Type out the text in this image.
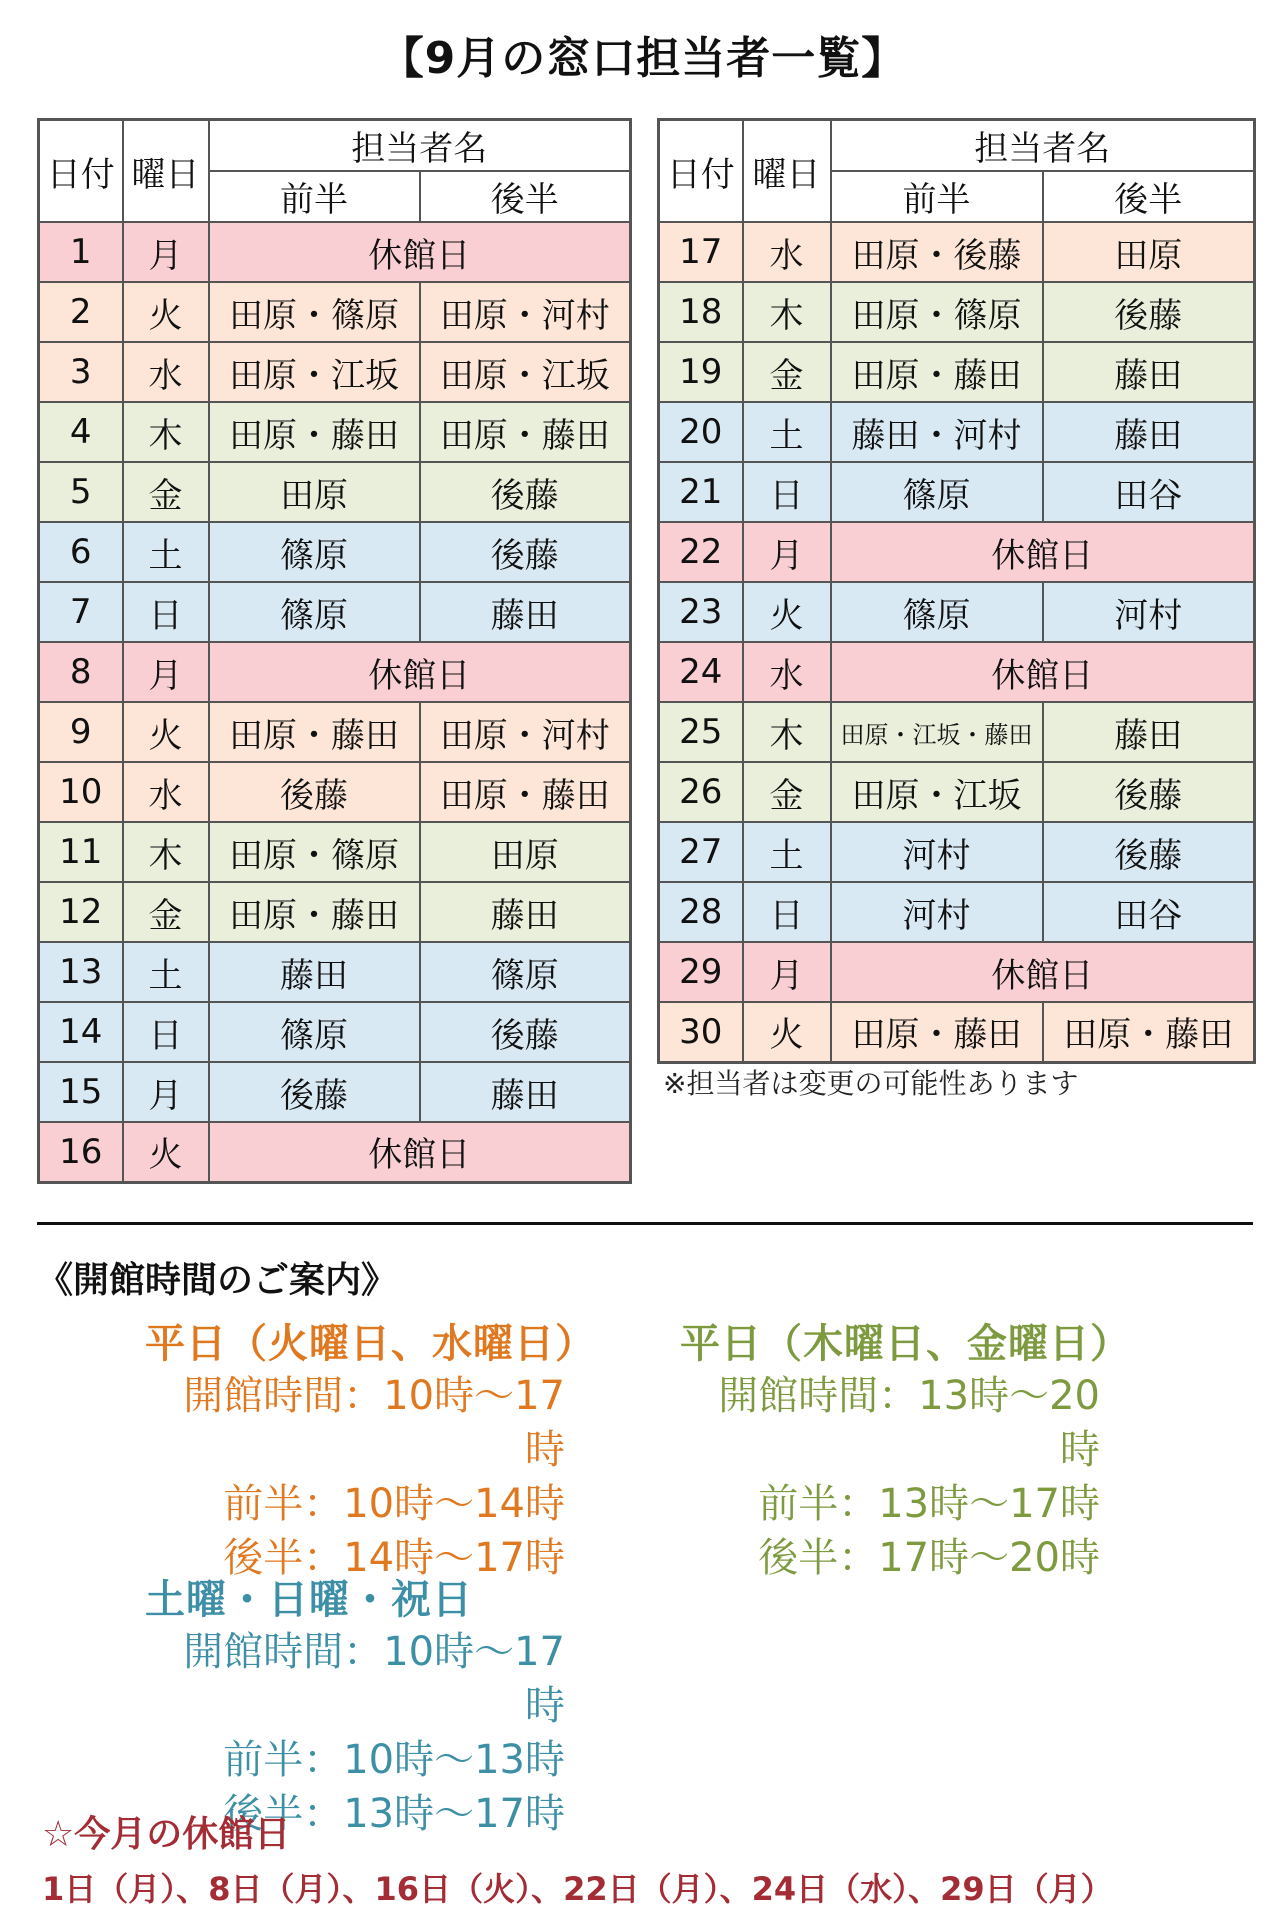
【9月の窓口担当者一覧】
日付	曜日	担当者名	
		前半	後半
1	月	休館日	
2	火	田原・篠原	田原・河村
3	水	田原・江坂	田原・江坂
4	木	田原・藤田	田原・藤田
5	金	田原	後藤
6	土	篠原	後藤
7	日	篠原	藤田
8	月	休館日	
9	火	田原・藤田	田原・河村
10	水	後藤	田原・藤田
11	木	田原・篠原	田原
12	金	田原・藤田	藤田
13	土	藤田	篠原
14	日	篠原	後藤
15	月	後藤	藤田
16	火	休館日	
日付	曜日	担当者名	
		前半	後半
17	水	田原・後藤	田原
18	木	田原・篠原	後藤
19	金	田原・藤田	藤田
20	土	藤田・河村	藤田
21	日	篠原	田谷
22	月	休館日	
23	火	篠原	河村
24	水	休館日	
25	木	田原・江坂・藤田	藤田
26	金	田原・江坂	後藤
27	土	河村	後藤
28	日	河村	田谷
29	月	休館日	
30	火	田原・藤田	田原・藤田
※担当者は変更の可能性あります
《開館時間のご案内》
平日（火曜日、水曜日）
開館時間：10時～17時
前半：10時～14時
後半：14時～17時
平日（木曜日、金曜日）
開館時間：13時～20時
前半：13時～17時
後半：17時～20時
土曜・日曜・祝日
開館時間：10時～17時
前半：10時～13時
後半：13時～17時
☆今月の休館日
1日（月）、8日（月）、16日（火）、22日（月）、24日（水）、29日（月）
